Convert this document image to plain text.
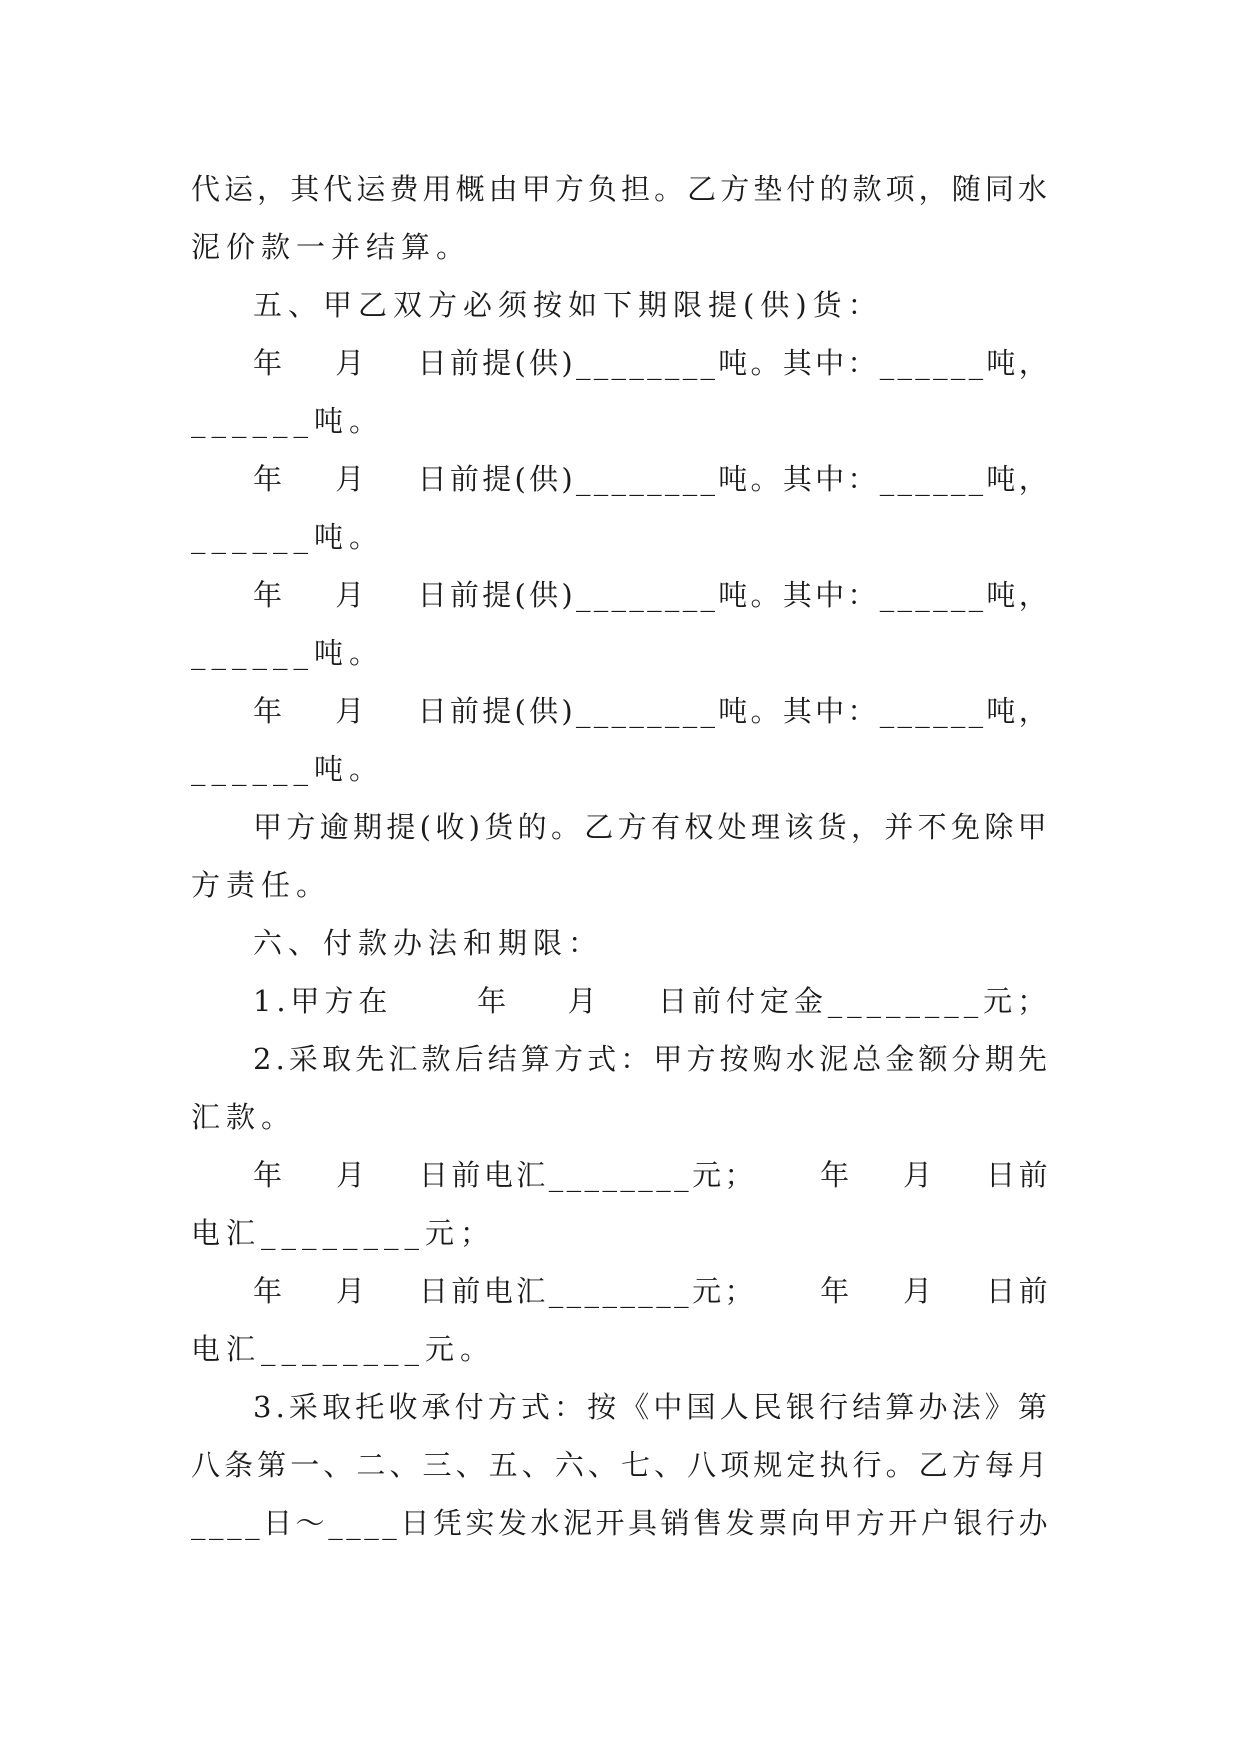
代运，其代运费用概由甲方负担。乙方垫付的款项，随同水
泥价款一并结算。
五、甲乙双方必须按如下期限提(供)货：
年    月    日前提(供)________吨。其中：______吨，
______吨。
年    月    日前提(供)________吨。其中：______吨，
______吨。
年    月    日前提(供)________吨。其中：______吨，
______吨。
年    月    日前提(供)________吨。其中：______吨，
______吨。
甲方逾期提(收)货的。乙方有权处理该货，并不免除甲
方责任。
六、付款办法和期限：
1.甲方在      年    月    日前付定金________元；
2.采取先汇款后结算方式：甲方按购水泥总金额分期先
汇款。
年    月    日前电汇________元；     年    月    日前
电汇________元；
年    月    日前电汇________元；     年    月    日前
电汇________元。
3.采取托收承付方式：按《中国人民银行结算办法》第
八条第一、二、三、五、六、七、八项规定执行。乙方每月
____日～____日凭实发水泥开具销售发票向甲方开户银行办
